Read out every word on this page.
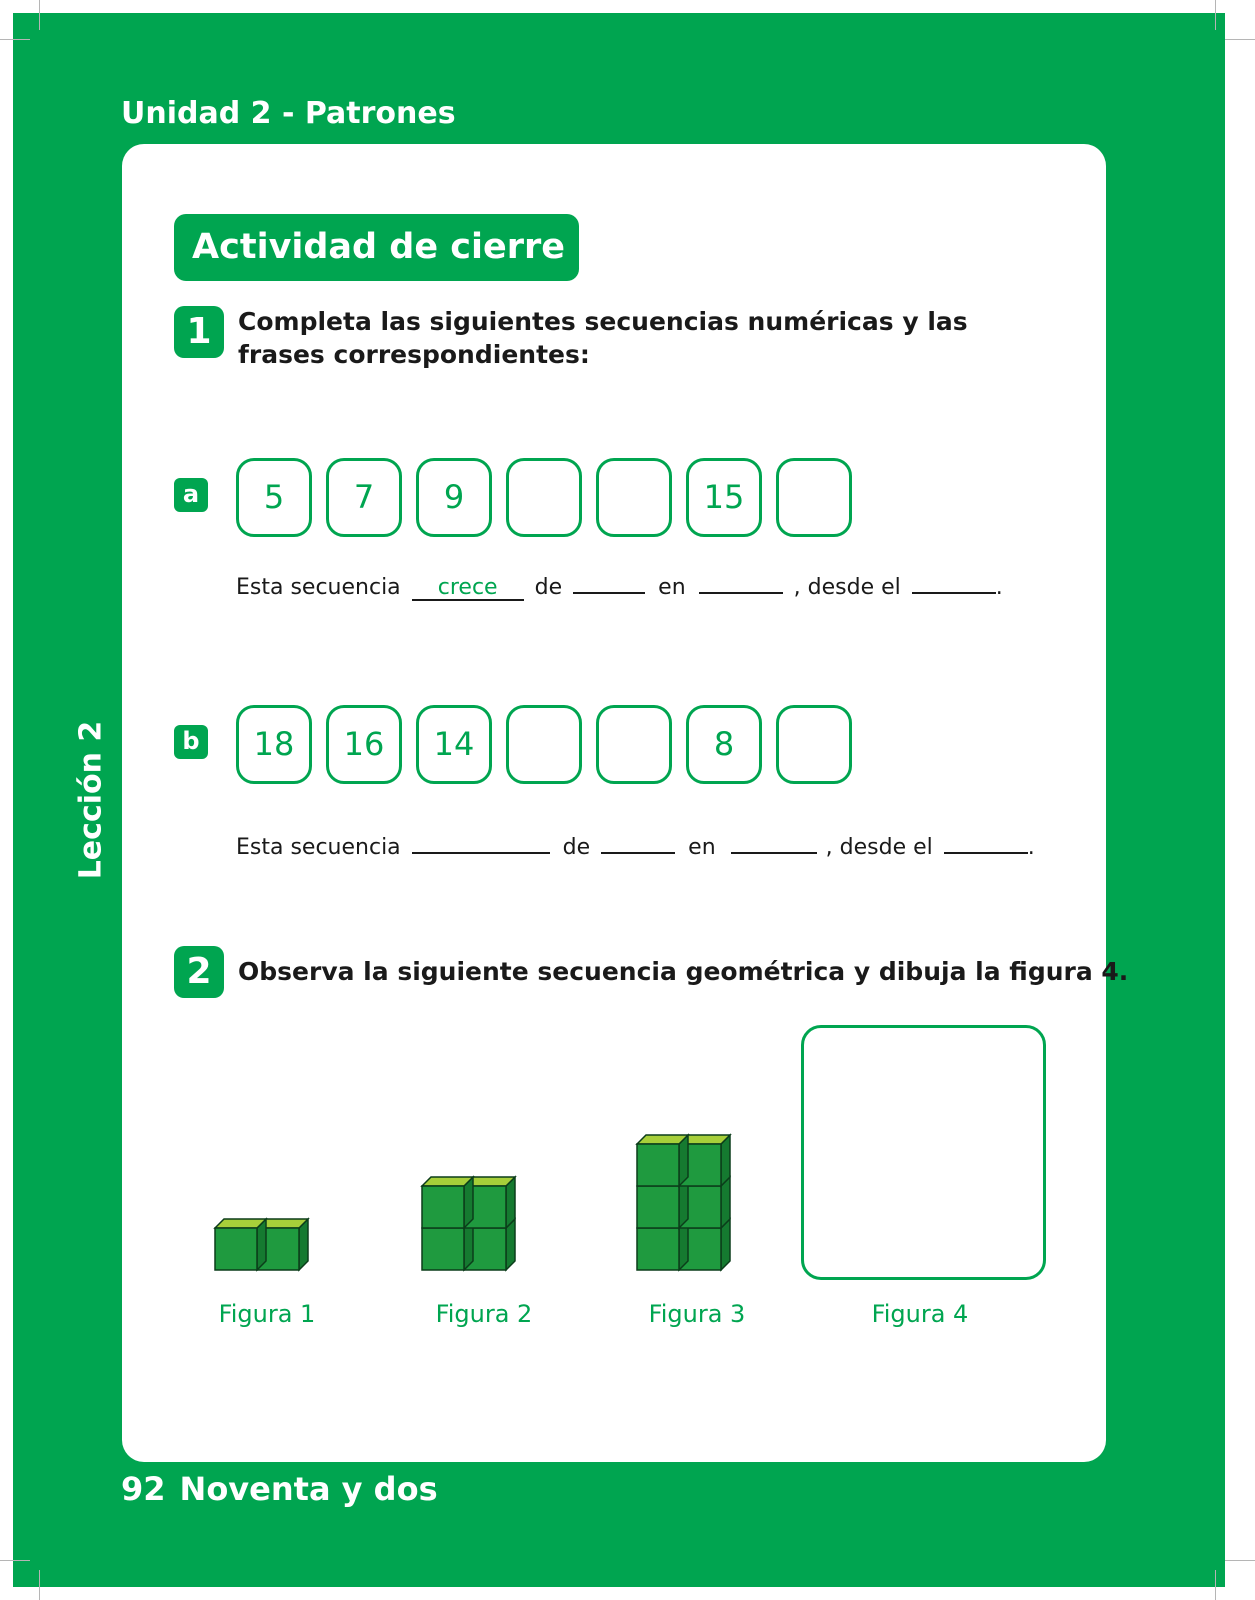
Unidad 2 - Patrones
Lección 2
Actividad de cierre
1	Completa las siguientes secuencias numéricas y las frases correspondientes:
a	5	7	9	15
Esta secuencia crece de	en	, desde el	.
b	18	16	14	8
Esta secuencia	de	en	, desde el	.
2	Observa la siguiente secuencia geométrica y dibuja la figura 4.
Figura 1	Figura 2	Figura 3	Figura 4
92 Noventa y dos
